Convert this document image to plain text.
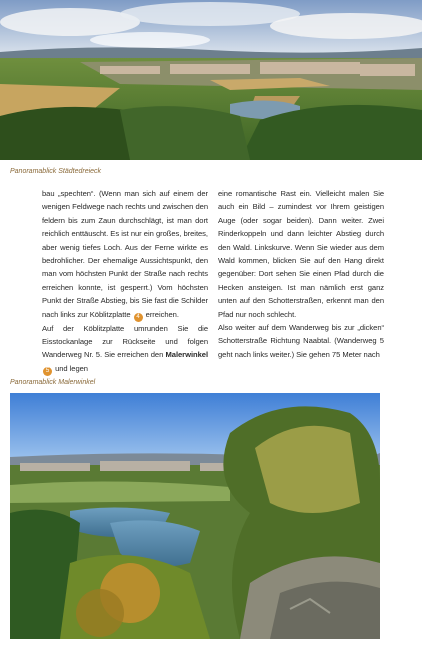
Panoramablick Städtedreieck

bau „spechten“. (Wenn man sich auf einem der wenigen Feldwege nach rechts und zwischen den feldern bis zum Zaun durchschlägt, ist man dort reichlich enttäuscht. Es ist nur ein großes, breites, aber wenig tiefes Loch. Aus der Ferne wirkte es bedrohlicher. Der ehemalige Aussichtspunkt, den man vom höchsten Punkt der Straße nach rechts erreichen konnte, ist gesperrt.) Vom höchsten Punkt der Straße Abstieg, bis Sie fast die Schilder nach links zur Köblitzplatte 4 erreichen.

Auf der Köblitzplatte umrunden Sie die Eisstockanlage zur Rückseite und folgen Wanderweg Nr. 5. Sie erreichen den Malerwinkel 5 und legen

eine romantische Rast ein. Vielleicht malen Sie auch ein Bild – zumindest vor Ihrem geistigen Auge (oder sogar beiden). Dann weiter. Zwei Rinderkoppeln und dann leichter Abstieg durch den Wald. Linkskurve. Wenn Sie wieder aus dem Wald kommen, blicken Sie auf den Hang direkt gegenüber: Dort sehen Sie einen Pfad durch die Hecken ansteigen. Ist man nämlich erst ganz unten auf den Schotterstraßen, erkennt man den Pfad nur noch schlecht.

Also weiter auf dem Wanderweg bis zur „dicken“ Schotterstraße Richtung Naabtal. (Wanderweg 5 geht nach links weiter.) Sie gehen 75 Meter nach

Panoramablick Malerwinkel
